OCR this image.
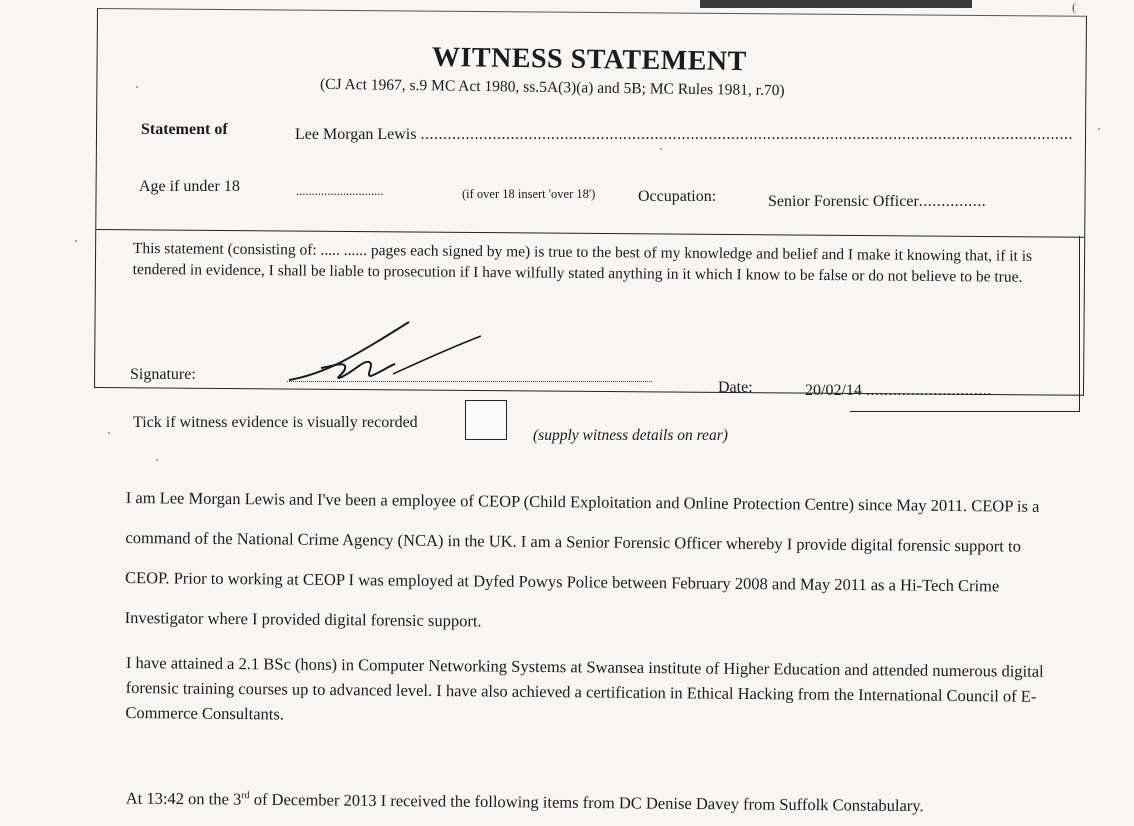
(
WITNESS STATEMENT
(CJ Act 1967, s.9 MC Act 1980, ss.5A(3)(a) and 5B; MC Rules 1981, r.70)
Statement of	Lee Morgan Lewis .................................................................................................................................................
Age if under 18	............................	(if over 18 insert 'over 18')	Occupation:	Senior Forensic Officer...............
This statement (consisting of: ..... ...... pages each signed by me) is true to the best of my knowledge and belief and I make it knowing that, if it is tendered in evidence, I shall be liable to prosecution if I have wilfully stated anything in it which I know to be false or do not believe to be true.
Signature:
Date:	20/02/14 ............................
Tick if witness evidence is visually recorded
(supply witness details on rear)
I am Lee Morgan Lewis and I've been a employee of CEOP (Child Exploitation and Online Protection Centre) since May 2011. CEOP is a command of the National Crime Agency (NCA) in the UK. I am a Senior Forensic Officer whereby I provide digital forensic support to CEOP. Prior to working at CEOP I was employed at Dyfed Powys Police between February 2008 and May 2011 as a Hi-Tech Crime Investigator where I provided digital forensic support.
I have attained a 2.1 BSc (hons) in Computer Networking Systems at Swansea institute of Higher Education and attended numerous digital forensic training courses up to advanced level. I have also achieved a certification in Ethical Hacking from the International Council of E-Commerce Consultants.
At 13:42 on the 3rd of December 2013 I received the following items from DC Denise Davey from Suffolk Constabulary.
